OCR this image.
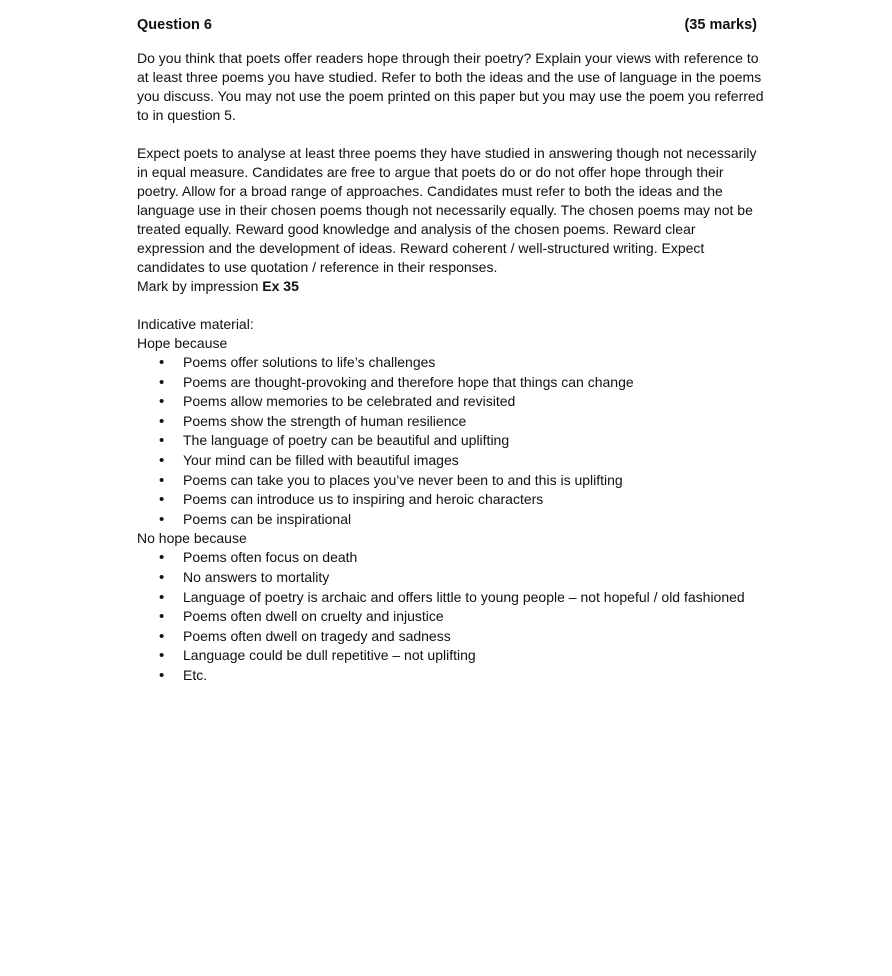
Question 6	(35 marks)

Do you think that poets offer readers hope through their poetry? Explain your views with reference to at least three poems you have studied. Refer to both the ideas and the use of language in the poems you discuss. You may not use the poem printed on this paper but you may use the poem you referred to in question 5.

Expect poets to analyse at least three poems they have studied in answering though not necessarily in equal measure. Candidates are free to argue that poets do or do not offer hope through their poetry. Allow for a broad range of approaches. Candidates must refer to both the ideas and the language use in their chosen poems though not necessarily equally. The chosen poems may not be treated equally. Reward good knowledge and analysis of the chosen poems. Reward clear expression and the development of ideas. Reward coherent / well-structured writing. Expect candidates to use quotation / reference in their responses.

Mark by impression Ex 35
Indicative material:
Hope because
• Poems offer solutions to life’s challenges
• Poems are thought-provoking and therefore hope that things can change
• Poems allow memories to be celebrated and revisited
• Poems show the strength of human resilience
• The language of poetry can be beautiful and uplifting
• Your mind can be filled with beautiful images
• Poems can take you to places you’ve never been to and this is uplifting
• Poems can introduce us to inspiring and heroic characters
• Poems can be inspirational
No hope because
• Poems often focus on death
• No answers to mortality
• Language of poetry is archaic and offers little to young people – not hopeful / old fashioned
• Poems often dwell on cruelty and injustice
• Poems often dwell on tragedy and sadness
• Language could be dull repetitive – not uplifting
• Etc.
